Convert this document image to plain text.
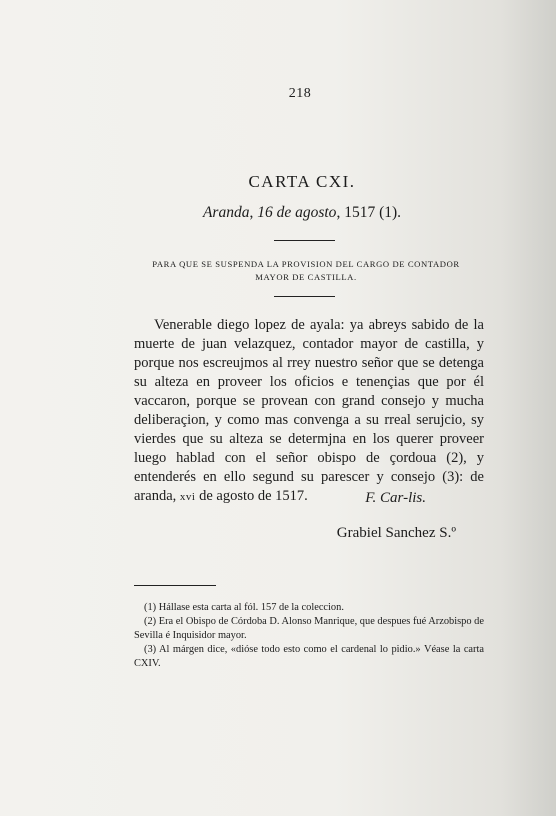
218
CARTA CXI.
Aranda, 16 de agosto, 1517 (1).
PARA QUE SE SUSPENDA LA PROVISION DEL CARGO DE CONTADOR
MAYOR DE CASTILLA.
Venerable diego lopez de ayala: ya abreys sabido de la muerte de juan velazquez, contador mayor de castilla, y porque nos escreujmos al rrey nuestro señor que se detenga su alteza en proveer los oficios e tenençias que por él vaccaron, porque se provean con grand consejo y mucha deliberaçion, y como mas convenga a su rreal serujcio, sy vierdes que su alteza se determjna en los querer proveer luego hablad con el señor obispo de çordoua (2), y entenderés en ello segund su parescer y consejo (3): de aranda, xvi de agosto de 1517.	F. Car-lis.
Grabiel Sanchez S.º
(1) Hállase esta carta al fól. 157 de la coleccion.
(2) Era el Obispo de Córdoba D. Alonso Manrique, que despues fué Arzobispo de Sevilla é Inquisidor mayor.
(3) Al márgen dice, «dióse todo esto como el cardenal lo pidio.» Véase la carta CXIV.
